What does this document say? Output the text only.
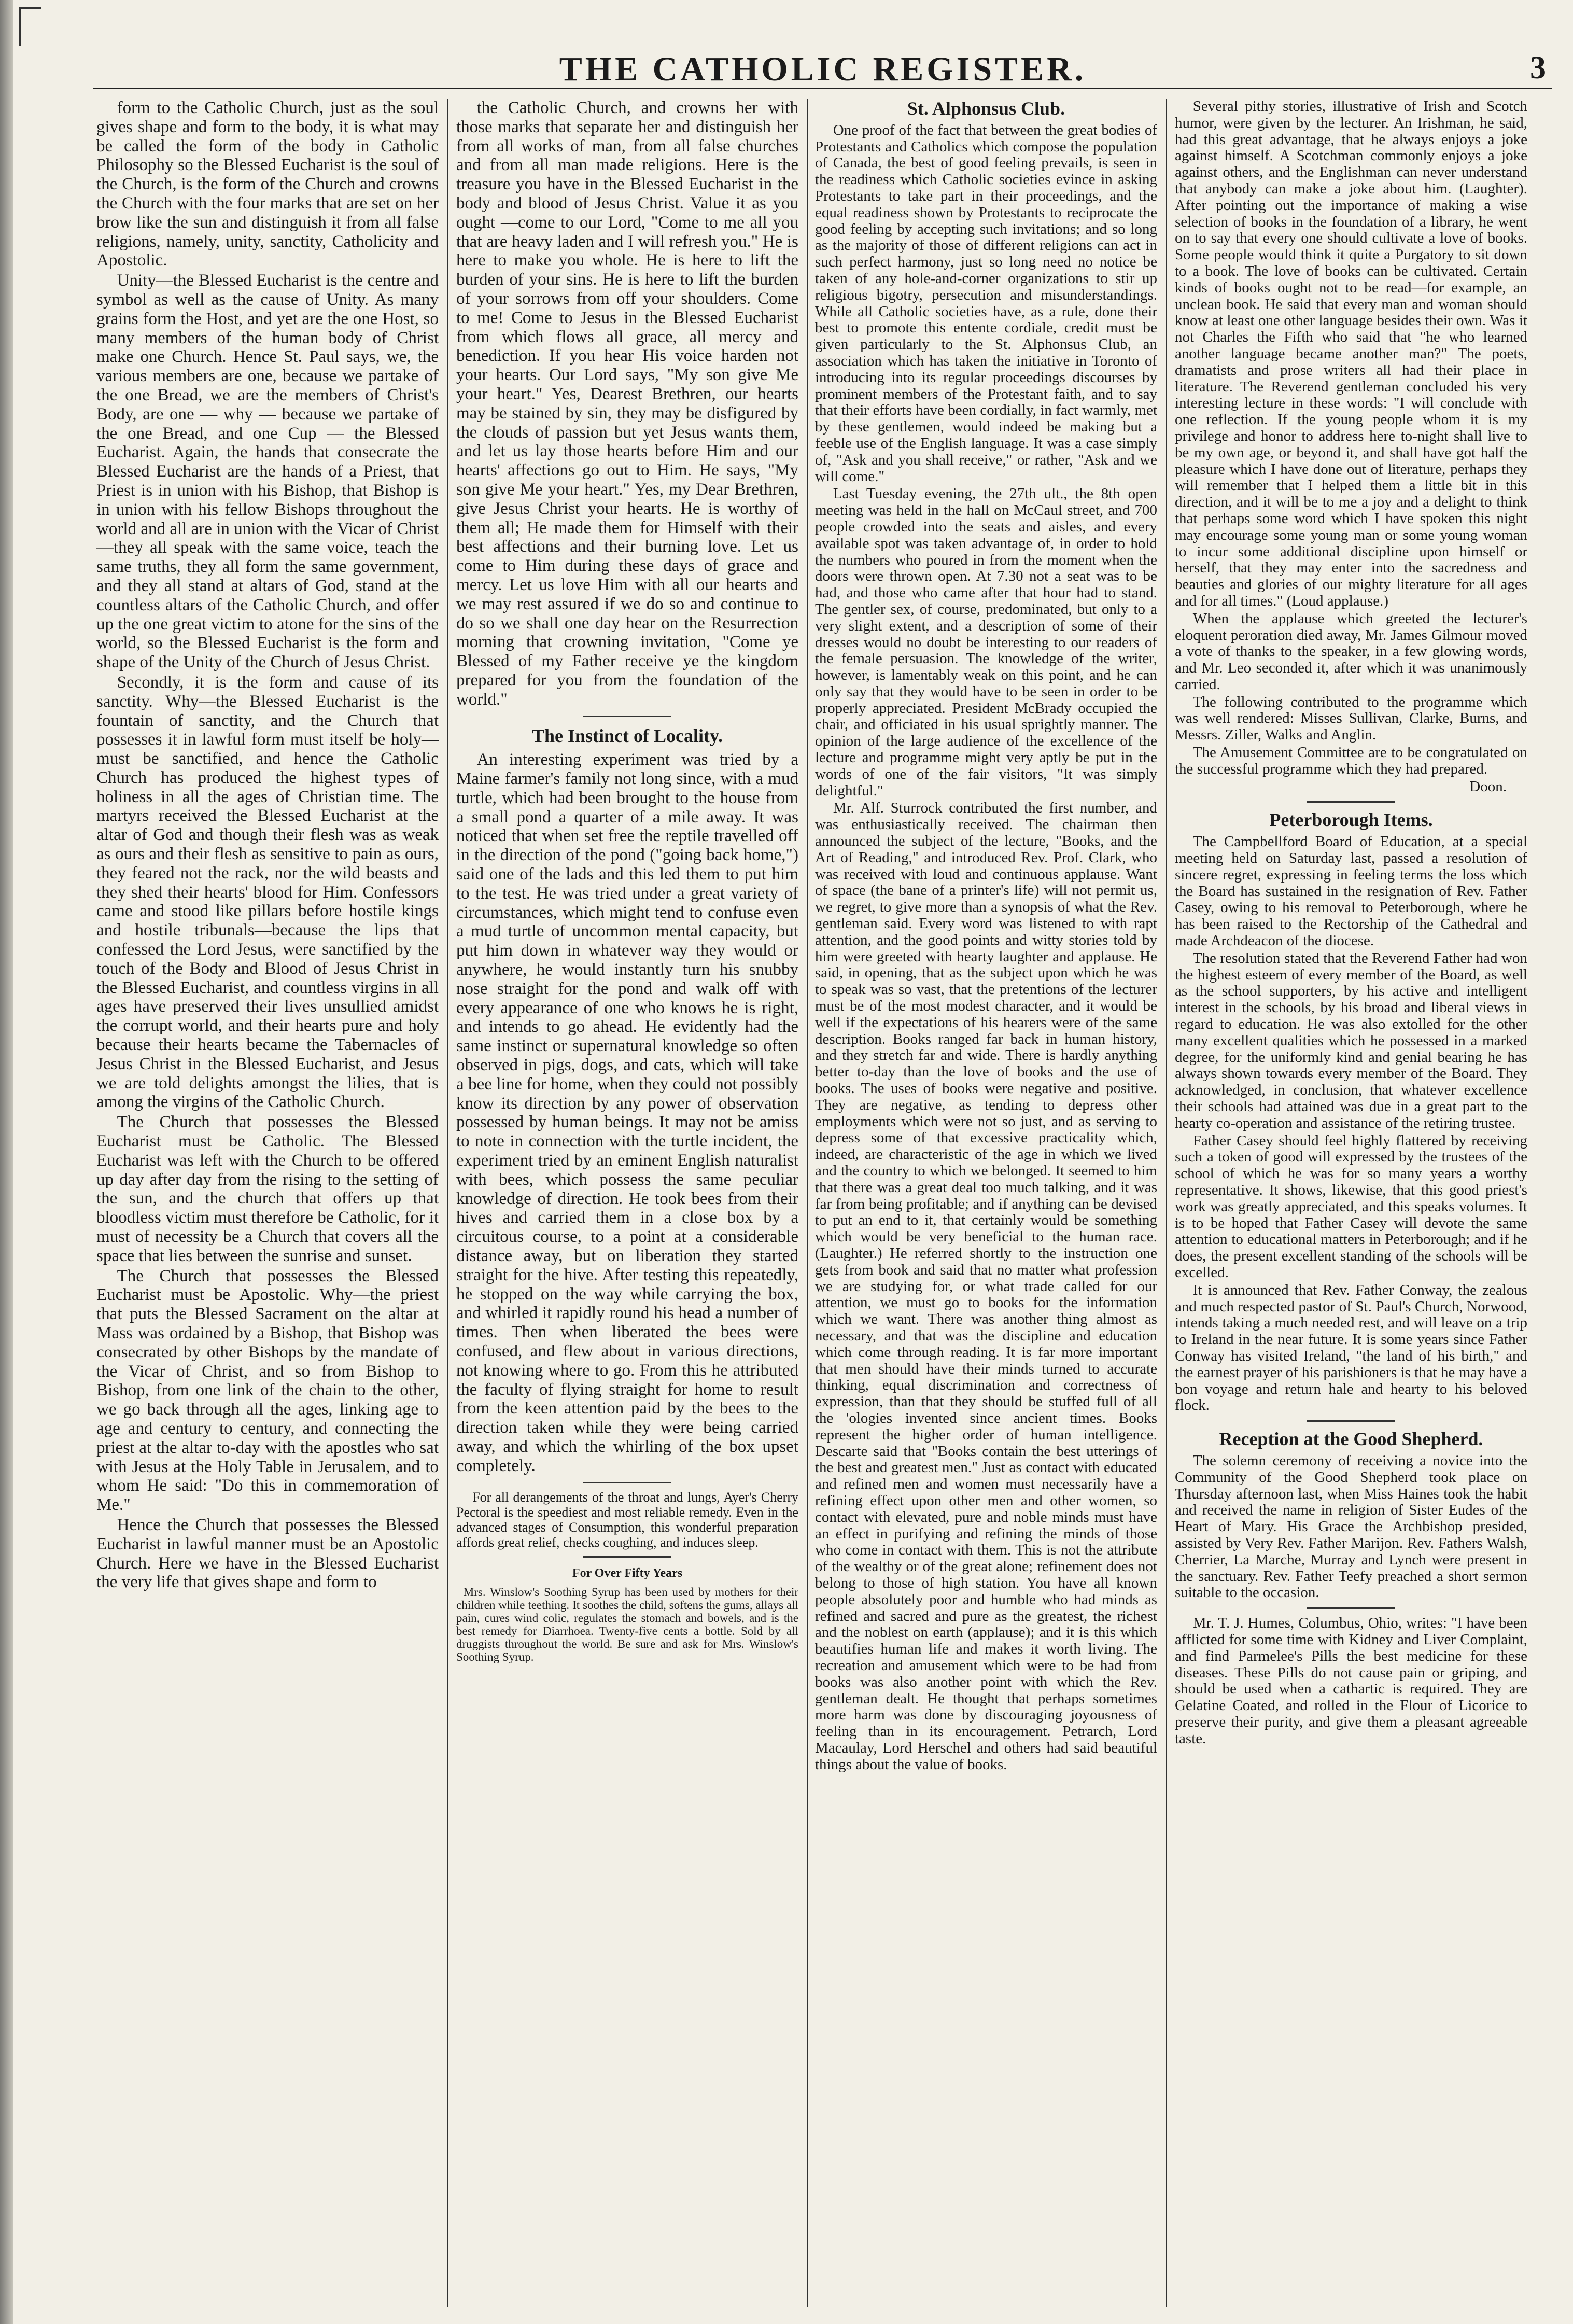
THE CATHOLIC REGISTER.	3

form to the Catholic Church, just as the soul gives shape and form to the body, it is what may be called the form of the body in Catholic Philosophy so the Blessed Eucharist is the soul of the Church, is the form of the Church and crowns the Church with the four marks that are set on her brow like the sun and distinguish it from all false religions, namely, unity, sanctity, Catholicity and Apostolic.

Unity—the Blessed Eucharist is the centre and symbol as well as the cause of Unity. As many grains form the Host, and yet are the one Host, so many members of the human body of Christ make one Church. Hence St. Paul says, we, the various members are one, because we partake of the one Bread, we are the members of Christ's Body, are one — why — because we partake of the one Bread, and one Cup — the Blessed Eucharist. Again, the hands that consecrate the Blessed Eucharist are the hands of a Priest, that Priest is in union with his Bishop, that Bishop is in union with his fellow Bishops throughout the world and all are in union with the Vicar of Christ —they all speak with the same voice, teach the same truths, they all form the same government, and they all stand at altars of God, stand at the countless altars of the Catholic Church, and offer up the one great victim to atone for the sins of the world, so the Blessed Eucharist is the form and shape of the Unity of the Church of Jesus Christ.

Secondly, it is the form and cause of its sanctity. Why—the Blessed Eucharist is the fountain of sanctity, and the Church that possesses it in lawful form must itself be holy—must be sanctified, and hence the Catholic Church has produced the highest types of holiness in all the ages of Christian time. The martyrs received the Blessed Eucharist at the altar of God and though their flesh was as weak as ours and their flesh as sensitive to pain as ours, they feared not the rack, nor the wild beasts and they shed their hearts' blood for Him. Confessors came and stood like pillars before hostile kings and hostile tribunals—because the lips that confessed the Lord Jesus, were sanctified by the touch of the Body and Blood of Jesus Christ in the Blessed Eucharist, and countless virgins in all ages have preserved their lives unsullied amidst the corrupt world, and their hearts pure and holy because their hearts became the Tabernacles of Jesus Christ in the Blessed Eucharist, and Jesus we are told delights amongst the lilies, that is among the virgins of the Catholic Church.

The Church that possesses the Blessed Eucharist must be Catholic. The Blessed Eucharist was left with the Church to be offered up day after day from the rising to the setting of the sun, and the church that offers up that bloodless victim must therefore be Catholic, for it must of necessity be a Church that covers all the space that lies between the sunrise and sunset.

The Church that possesses the Blessed Eucharist must be Apostolic. Why—the priest that puts the Blessed Sacrament on the altar at Mass was ordained by a Bishop, that Bishop was consecrated by other Bishops by the mandate of the Vicar of Christ, and so from Bishop to Bishop, from one link of the chain to the other, we go back through all the ages, linking age to age and century to century, and connecting the priest at the altar to-day with the apostles who sat with Jesus at the Holy Table in Jerusalem, and to whom He said: "Do this in commemoration of Me."

Hence the Church that possesses the Blessed Eucharist in lawful manner must be an Apostolic Church. Here we have in the Blessed Eucharist the very life that gives shape and form to

the Catholic Church, and crowns her with those marks that separate her and distinguish her from all works of man, from all false churches and from all man made religions. Here is the treasure you have in the Blessed Eucharist in the body and blood of Jesus Christ. Value it as you ought —come to our Lord, "Come to me all you that are heavy laden and I will refresh you." He is here to make you whole. He is here to lift the burden of your sins. He is here to lift the burden of your sorrows from off your shoulders. Come to me! Come to Jesus in the Blessed Eucharist from which flows all grace, all mercy and benediction. If you hear His voice harden not your hearts. Our Lord says, "My son give Me your heart." Yes, Dearest Brethren, our hearts may be stained by sin, they may be disfigured by the clouds of passion but yet Jesus wants them, and let us lay those hearts before Him and our hearts' affections go out to Him. He says, "My son give Me your heart." Yes, my Dear Brethren, give Jesus Christ your hearts. He is worthy of them all; He made them for Himself with their best affections and their burning love. Let us come to Him during these days of grace and mercy. Let us love Him with all our hearts and we may rest assured if we do so and continue to do so we shall one day hear on the Resurrection morning that crowning invitation, "Come ye Blessed of my Father receive ye the kingdom prepared for you from the foundation of the world."

The Instinct of Locality.

An interesting experiment was tried by a Maine farmer's family not long since, with a mud turtle, which had been brought to the house from a small pond a quarter of a mile away. It was noticed that when set free the reptile travelled off in the direction of the pond ("going back home,") said one of the lads and this led them to put him to the test. He was tried under a great variety of circumstances, which might tend to confuse even a mud turtle of uncommon mental capacity, but put him down in whatever way they would or anywhere, he would instantly turn his snubby nose straight for the pond and walk off with every appearance of one who knows he is right, and intends to go ahead. He evidently had the same instinct or supernatural knowledge so often observed in pigs, dogs, and cats, which will take a bee line for home, when they could not possibly know its direction by any power of observation possessed by human beings. It may not be amiss to note in connection with the turtle incident, the experiment tried by an eminent English naturalist with bees, which possess the same peculiar knowledge of direction. He took bees from their hives and carried them in a close box by a circuitous course, to a point at a considerable distance away, but on liberation they started straight for the hive. After testing this repeatedly, he stopped on the way while carrying the box, and whirled it rapidly round his head a number of times. Then when liberated the bees were confused, and flew about in various directions, not knowing where to go. From this he attributed the faculty of flying straight for home to result from the keen attention paid by the bees to the direction taken while they were being carried away, and which the whirling of the box upset completely.

For all derangements of the throat and lungs, Ayer's Cherry Pectoral is the speediest and most reliable remedy. Even in the advanced stages of Consumption, this wonderful preparation affords great relief, checks coughing, and induces sleep.

For Over Fifty Years

Mrs. Winslow's Soothing Syrup has been used by mothers for their children while teething. It soothes the child, softens the gums, allays all pain, cures wind colic, regulates the stomach and bowels, and is the best remedy for Diarrhoea. Twenty-five cents a bottle. Sold by all druggists throughout the world. Be sure and ask for Mrs. Winslow's Soothing Syrup.

St. Alphonsus Club.

One proof of the fact that between the great bodies of Protestants and Catholics which compose the population of Canada, the best of good feeling prevails, is seen in the readiness which Catholic societies evince in asking Protestants to take part in their proceedings, and the equal readiness shown by Protestants to reciprocate the good feeling by accepting such invitations; and so long as the majority of those of different religions can act in such perfect harmony, just so long need no notice be taken of any hole-and-corner organizations to stir up religious bigotry, persecution and misunderstandings. While all Catholic societies have, as a rule, done their best to promote this entente cordiale, credit must be given particularly to the St. Alphonsus Club, an association which has taken the initiative in Toronto of introducing into its regular proceedings discourses by prominent members of the Protestant faith, and to say that their efforts have been cordially, in fact warmly, met by these gentlemen, would indeed be making but a feeble use of the English language. It was a case simply of, "Ask and you shall receive," or rather, "Ask and we will come."

Last Tuesday evening, the 27th ult., the 8th open meeting was held in the hall on McCaul street, and 700 people crowded into the seats and aisles, and every available spot was taken advantage of, in order to hold the numbers who poured in from the moment when the doors were thrown open. At 7.30 not a seat was to be had, and those who came after that hour had to stand. The gentler sex, of course, predominated, but only to a very slight extent, and a description of some of their dresses would no doubt be interesting to our readers of the female persuasion. The knowledge of the writer, however, is lamentably weak on this point, and he can only say that they would have to be seen in order to be properly appreciated. President McBrady occupied the chair, and officiated in his usual sprightly manner. The opinion of the large audience of the excellence of the lecture and programme might very aptly be put in the words of one of the fair visitors, "It was simply delightful."

Mr. Alf. Sturrock contributed the first number, and was enthusiastically received. The chairman then announced the subject of the lecture, "Books, and the Art of Reading," and introduced Rev. Prof. Clark, who was received with loud and continuous applause. Want of space (the bane of a printer's life) will not permit us, we regret, to give more than a synopsis of what the Rev. gentleman said. Every word was listened to with rapt attention, and the good points and witty stories told by him were greeted with hearty laughter and applause. He said, in opening, that as the subject upon which he was to speak was so vast, that the pretentions of the lecturer must be of the most modest character, and it would be well if the expectations of his hearers were of the same description. Books ranged far back in human history, and they stretch far and wide. There is hardly anything better to-day than the love of books and the use of books. The uses of books were negative and positive. They are negative, as tending to depress other employments which were not so just, and as serving to depress some of that excessive practicality which, indeed, are characteristic of the age in which we lived and the country to which we belonged. It seemed to him that there was a great deal too much talking, and it was far from being profitable; and if anything can be devised to put an end to it, that certainly would be something which would be very beneficial to the human race. (Laughter.) He referred shortly to the instruction one gets from book and said that no matter what profession we are studying for, or what trade called for our attention, we must go to books for the information which we want. There was another thing almost as necessary, and that was the discipline and education which come through reading. It is far more important that men should have their minds turned to accurate thinking, equal discrimination and correctness of expression, than that they should be stuffed full of all the 'ologies invented since ancient times. Books represent the higher order of human intelligence. Descarte said that "Books contain the best utterings of the best and greatest men." Just as contact with educated and refined men and women must necessarily have a refining effect upon other men and other women, so contact with elevated, pure and noble minds must have an effect in purifying and refining the minds of those who come in contact with them. This is not the attribute of the wealthy or of the great alone; refinement does not belong to those of high station. You have all known people absolutely poor and humble who had minds as refined and sacred and pure as the greatest, the richest and the noblest on earth (applause); and it is this which beautifies human life and makes it worth living. The recreation and amusement which were to be had from books was also another point with which the Rev. gentleman dealt. He thought that perhaps sometimes more harm was done by discouraging joyousness of feeling than in its encouragement. Petrarch, Lord Macaulay, Lord Herschel and others had said beautiful things about the value of books.

Several pithy stories, illustrative of Irish and Scotch humor, were given by the lecturer. An Irishman, he said, had this great advantage, that he always enjoys a joke against himself. A Scotchman commonly enjoys a joke against others, and the Englishman can never understand that anybody can make a joke about him. (Laughter). After pointing out the importance of making a wise selection of books in the foundation of a library, he went on to say that every one should cultivate a love of books. Some people would think it quite a Purgatory to sit down to a book. The love of books can be cultivated. Certain kinds of books ought not to be read—for example, an unclean book. He said that every man and woman should know at least one other language besides their own. Was it not Charles the Fifth who said that "he who learned another language became another man?" The poets, dramatists and prose writers all had their place in literature. The Reverend gentleman concluded his very interesting lecture in these words: "I will conclude with one reflection. If the young people whom it is my privilege and honor to address here to-night shall live to be my own age, or beyond it, and shall have got half the pleasure which I have done out of literature, perhaps they will remember that I helped them a little bit in this direction, and it will be to me a joy and a delight to think that perhaps some word which I have spoken this night may encourage some young man or some young woman to incur some additional discipline upon himself or herself, that they may enter into the sacredness and beauties and glories of our mighty literature for all ages and for all times." (Loud applause.)

When the applause which greeted the lecturer's eloquent peroration died away, Mr. James Gilmour moved a vote of thanks to the speaker, in a few glowing words, and Mr. Leo seconded it, after which it was unanimously carried.

The following contributed to the programme which was well rendered: Misses Sullivan, Clarke, Burns, and Messrs. Ziller, Walks and Anglin.

The Amusement Committee are to be congratulated on the successful programme which they had prepared.

Doon.

Peterborough Items.

The Campbellford Board of Education, at a special meeting held on Saturday last, passed a resolution of sincere regret, expressing in feeling terms the loss which the Board has sustained in the resignation of Rev. Father Casey, owing to his removal to Peterborough, where he has been raised to the Rectorship of the Cathedral and made Archdeacon of the diocese.

The resolution stated that the Reverend Father had won the highest esteem of every member of the Board, as well as the school supporters, by his active and intelligent interest in the schools, by his broad and liberal views in regard to education. He was also extolled for the other many excellent qualities which he possessed in a marked degree, for the uniformly kind and genial bearing he has always shown towards every member of the Board. They acknowledged, in conclusion, that whatever excellence their schools had attained was due in a great part to the hearty co-operation and assistance of the retiring trustee.

Father Casey should feel highly flattered by receiving such a token of good will expressed by the trustees of the school of which he was for so many years a worthy representative. It shows, likewise, that this good priest's work was greatly appreciated, and this speaks volumes. It is to be hoped that Father Casey will devote the same attention to educational matters in Peterborough; and if he does, the present excellent standing of the schools will be excelled.

It is announced that Rev. Father Conway, the zealous and much respected pastor of St. Paul's Church, Norwood, intends taking a much needed rest, and will leave on a trip to Ireland in the near future. It is some years since Father Conway has visited Ireland, "the land of his birth," and the earnest prayer of his parishioners is that he may have a bon voyage and return hale and hearty to his beloved flock.

Reception at the Good Shepherd.

The solemn ceremony of receiving a novice into the Community of the Good Shepherd took place on Thursday afternoon last, when Miss Haines took the habit and received the name in religion of Sister Eudes of the Heart of Mary. His Grace the Archbishop presided, assisted by Very Rev. Father Marijon. Rev. Fathers Walsh, Cherrier, La Marche, Murray and Lynch were present in the sanctuary. Rev. Father Teefy preached a short sermon suitable to the occasion.

Mr. T. J. Humes, Columbus, Ohio, writes: "I have been afflicted for some time with Kidney and Liver Complaint, and find Parmelee's Pills the best medicine for these diseases. These Pills do not cause pain or griping, and should be used when a cathartic is required. They are Gelatine Coated, and rolled in the Flour of Licorice to preserve their purity, and give them a pleasant agreeable taste.
